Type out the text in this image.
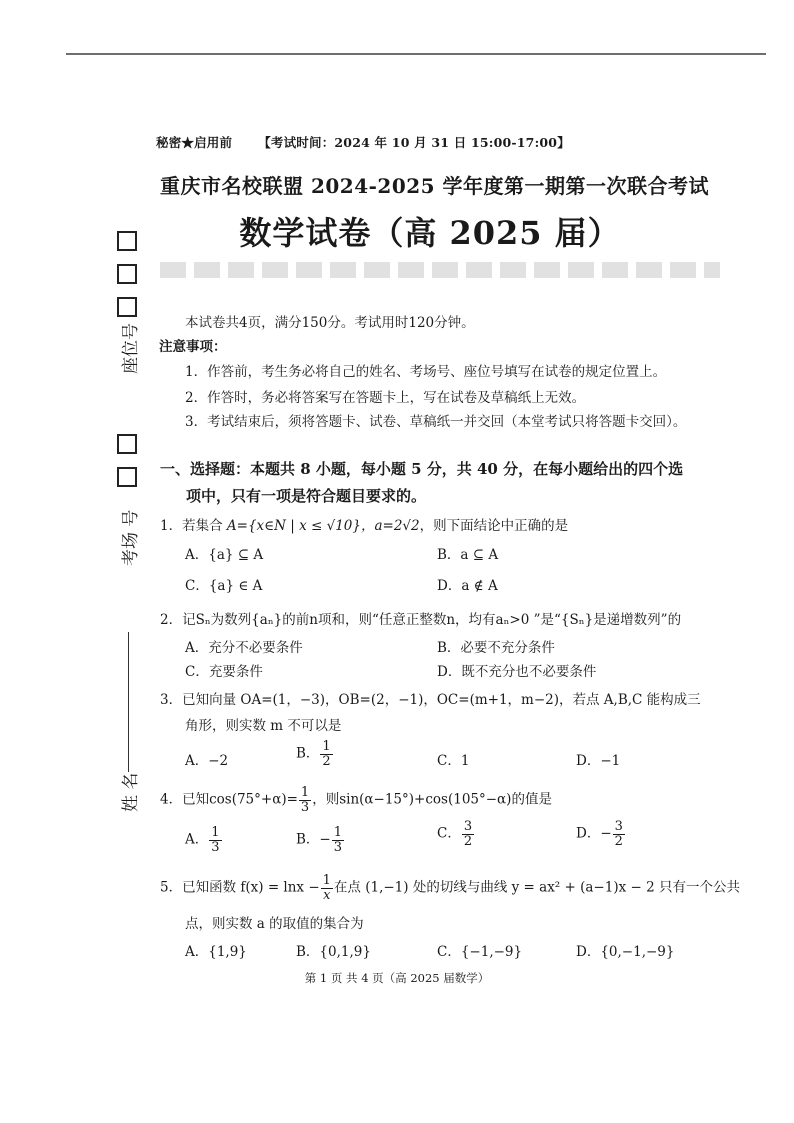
秘密★启用前 【考试时间：2024 年 10 月 31 日 15:00-17:00】
重庆市名校联盟 2024-2025 学年度第一期第一次联合考试
数学试卷（高 2025 届）
座位号
考场 号
姓 名
本试卷共4页，满分150分。考试用时120分钟。
注意事项：
1．作答前，考生务必将自己的姓名、考场号、座位号填写在试卷的规定位置上。
2．作答时，务必将答案写在答题卡上，写在试卷及草稿纸上无效。
3．考试结束后，须将答题卡、试卷、草稿纸一并交回（本堂考试只将答题卡交回）。
一、选择题：本题共 8 小题，每小题 5 分，共 40 分，在每小题给出的四个选
项中，只有一项是符合题目要求的。
1．若集合 A={x∈N | x ≤ √10}，a=2√2，则下面结论中正确的是
A．{a} ⊆ A	B．a ⊆ A
C．{a} ∈ A	D．a ∉ A
2．记Sₙ为数列{aₙ}的前n项和，则“任意正整数n，均有aₙ>0 ”是“{Sₙ}是递增数列”的
A．充分不必要条件	B．必要不充分条件
C．充要条件	D．既不充分也不必要条件
3．已知向量 OA=(1，−3)，OB=(2，−1)，OC=(m+1，m−2)，若点 A,B,C 能构成三
角形，则实数 m 不可以是
A．−2	B． $\frac{1}{2}$	C．1	D．−1
4．已知$\cos(75^\circ+\alpha)= \frac{1}{3}$ ，则sin(α−15°)+cos(105°−α)的值是
A． $\frac{1}{3}$	B．− $\frac{1}{3}$	C． $\frac{3}{2}$	D．− $\frac{3}{2}$
5．已知函数 $f(x) = \ln x - \frac{1}{x}$ 在点 (1,−1) 处的切线与曲线 y = ax² + (a−1)x − 2 只有一个公共
点，则实数 a 的取值的集合为
A．{1,9}	B．{0,1,9}	C．{−1,−9}	D．{0,−1,−9}
第 1 页 共 4 页（高 2025 届数学）
